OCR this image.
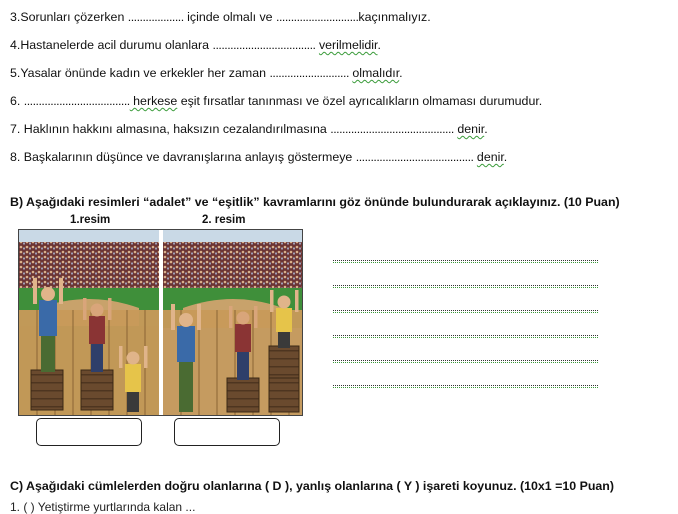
3.Sorunları çözerken ................... içinde olmalı ve ............................kaçınmalıyız.
4.Hastanelerde acil durumu olanlara ................................... verilmelidir.
5.Yasalar önünde kadın ve erkekler her zaman ........................... olmalıdır.
6. .................................... herkese eşit fırsatlar tanınması ve özel ayrıcalıkların olmaması durumudur.
7. Haklının hakkını almasına, haksızın cezalandırılmasına .......................................... denir.
8. Başkalarının düşünce ve davranışlarına anlayış göstermeye ........................................ denir.
B) Aşağıdaki resimleri “adalet” ve “eşitlik” kavramlarını göz önünde bulundurarak açıklayınız. (10 Puan)
1.resim	2. resim
C) Aşağıdaki cümlelerden doğru olanlarına ( D ), yanlış olanlarına ( Y ) işareti koyunuz. (10x1 =10 Puan)
1. ( ) Yetiştirme yurtlarında kalan ...
